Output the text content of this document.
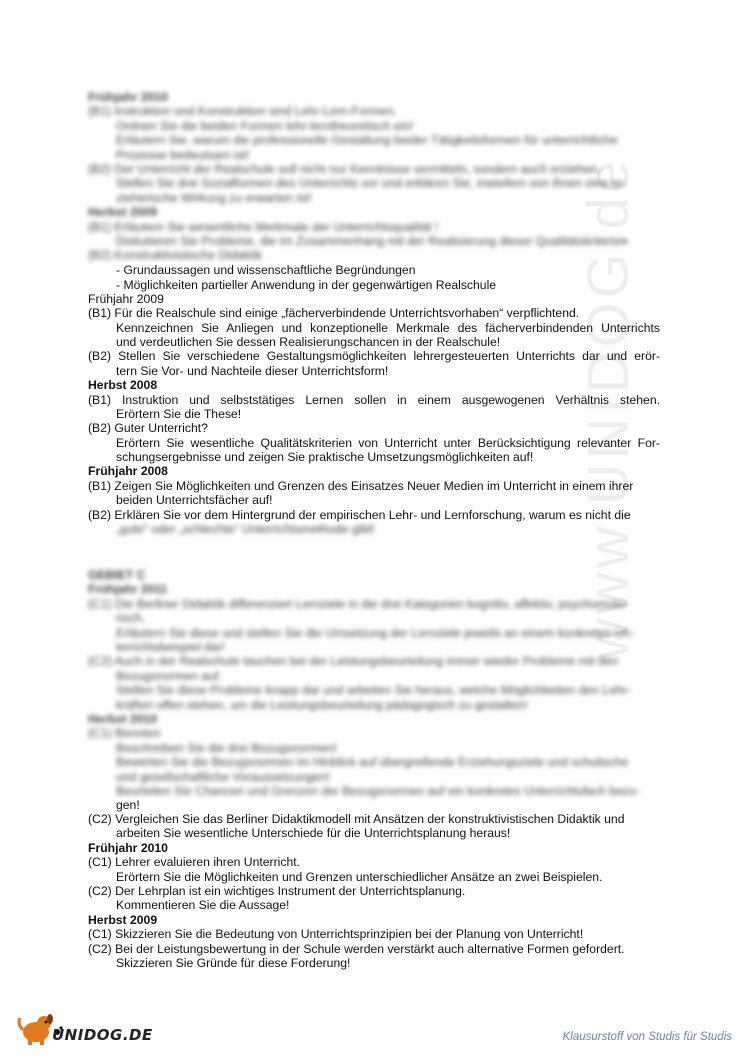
www.UNIDOG.de
Frühjahr 2010
(B1) Instruktion und Konstruktion sind Lehr-Lern-Formen.
Ordnen Sie die beiden Formen lehr-lerntheoretisch ein!
Erläutern Sie, warum die professionelle Gestaltung beider Tätigkeitsformen für unterrichtliche
Prozesse bedeutsam ist!
(B2) Der Unterricht der Realschule soll nicht nur Kenntnisse vermitteln, sondern auch erziehen.
Stellen Sie drei Sozialformen des Unterrichts vor und erklären Sie, inwiefern von ihnen eine er-
zieherische Wirkung zu erwarten ist!
Herbst 2009
(B1) Erläutern Sie wesentliche Merkmale der Unterrichtsqualität !
Diskutieren Sie Probleme, die im Zusammenhang mit der Realisierung dieser Qualitätskriterien
(B2) Konstruktivistische Didaktik
- Grundaussagen und wissenschaftliche Begründungen
- Möglichkeiten partieller Anwendung in der gegenwärtigen Realschule
Frühjahr 2009
(B1) Für die Realschule sind einige „fächerverbindende Unterrichtsvorhaben“ verpflichtend.
Kennzeichnen Sie Anliegen und konzeptionelle Merkmale des fächerverbindenden Unterrichts
und verdeutlichen Sie dessen Realisierungschancen in der Realschule!
(B2) Stellen Sie verschiedene Gestaltungsmöglichkeiten lehrergesteuerten Unterrichts dar und erör-
tern Sie Vor- und Nachteile dieser Unterrichtsform!
Herbst 2008
(B1) Instruktion und selbststätiges Lernen sollen in einem ausgewogenen Verhältnis stehen.
Erörtern Sie die These!
(B2) Guter Unterricht?
Erörtern Sie wesentliche Qualitätskriterien von Unterricht unter Berücksichtigung relevanter For-
schungsergebnisse und zeigen Sie praktische Umsetzungsmöglichkeiten auf!
Frühjahr 2008
(B1) Zeigen Sie Möglichkeiten und Grenzen des Einsatzes Neuer Medien im Unterricht in einem ihrer
beiden Unterrichtsfächer auf!
(B2) Erklären Sie vor dem Hintergrund der empirischen Lehr- und Lernforschung, warum es nicht die
„gute“ oder „schlechte“ Unterrichtsmethode gibt!
GEBIET C
Frühjahr 2011
(C1) Die Berliner Didaktik differenziert Lernziele in die drei Kategorien kognitiv, affektiv, psychomoto-
risch.
Erläutern Sie diese und stellen Sie die Umsetzung der Lernziele jeweils an einem konkreten Un-
terrichtsbeispiel dar!
(C2) Auch in der Realschule tauchen bei der Leistungsbeurteilung immer wieder Probleme mit den
Bezugsnormen auf.
Stellen Sie diese Probleme knapp dar und arbeiten Sie heraus, welche Möglichkeiten den Lehr-
kräften offen stehen, um die Leistungsbeurteilung pädagogisch zu gestalten!
Herbst 2010
(C1) Benoten
Beschreiben Sie die drei Bezugsnormen!
Bewerten Sie die Bezugsnormen im Hinblick auf übergreifende Erziehungsziele und schulische
und gesellschaftliche Voraussetzungen!
Beurteilen Sie Chancen und Grenzen der Bezugsnormen auf ein konkretes Unterrichtsfach bezo-
gen!
(C2) Vergleichen Sie das Berliner Didaktikmodell mit Ansätzen der konstruktivistischen Didaktik und
arbeiten Sie wesentliche Unterschiede für die Unterrichtsplanung heraus!
Frühjahr 2010
(C1) Lehrer evaluieren ihren Unterricht.
Erörtern Sie die Möglichkeiten und Grenzen unterschiedlicher Ansätze an zwei Beispielen.
(C2) Der Lehrplan ist ein wichtiges Instrument der Unterrichtsplanung.
Kommentieren Sie die Aussage!
Herbst 2009
(C1) Skizzieren Sie die Bedeutung von Unterrichtsprinzipien bei der Planung von Unterricht!
(C2) Bei der Leistungsbewertung in der Schule werden verstärkt auch alternative Formen gefordert.
Skizzieren Sie Gründe für diese Forderung!
UNIDOG.DE	Klausurstoff von Studis für Studis
